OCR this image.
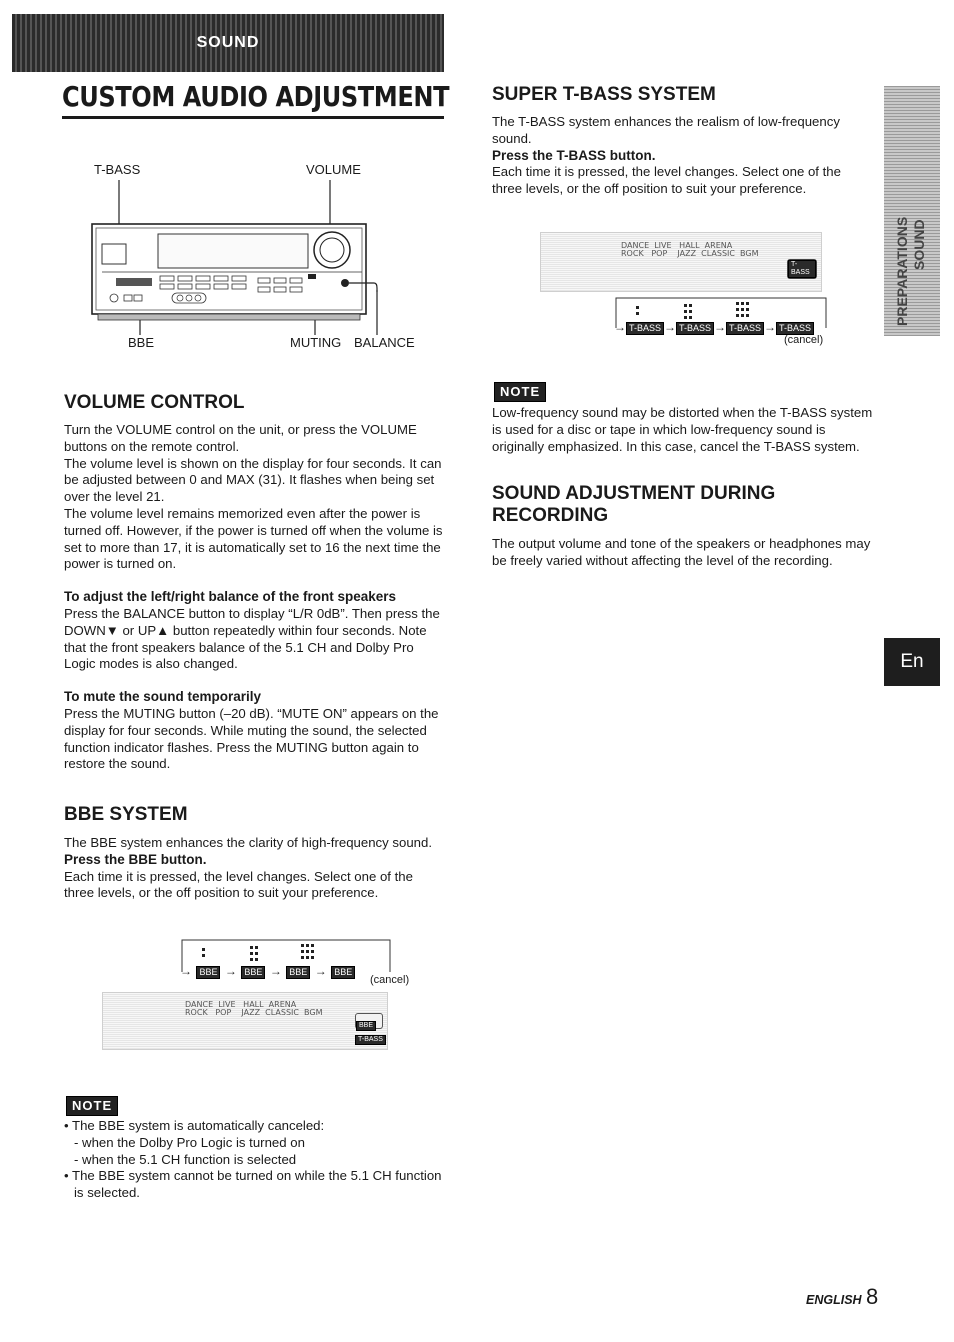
SOUND
CUSTOM AUDIO ADJUSTMENT
T-BASS	VOLUME
BBE	MUTING BALANCE
VOLUME CONTROL

Turn the VOLUME control on the unit, or press the VOLUME buttons on the remote control.

The volume level is shown on the display for four seconds. It can be adjusted between 0 and MAX (31). It flashes when being set over the level 21.

The volume level remains memorized even after the power is turned off. However, if the power is turned off when the volume is set to more than 17, it is automatically set to 16 the next time the power is turned on.

To adjust the left/right balance of the front speakers

Press the BALANCE button to display “L/R 0dB”. Then press the DOWN▼ or UP▲ button repeatedly within four seconds. Note that the front speakers balance of the 5.1 CH and Dolby Pro Logic modes is also changed.

To mute the sound temporarily

Press the MUTING button (–20 dB). “MUTE ON” appears on the display for four seconds. While muting the sound, the selected function indicator flashes. Press the MUTING button again to restore the sound.

BBE SYSTEM

The BBE system enhances the clarity of high-frequency sound.

Press the BBE button.

Each time it is pressed, the level changes. Select one of the three levels, or the off position to suit your preference.

→ BBE → BBE → BBE → BBE
(cancel)
DANCE  LIVE   HALL  ARENA
ROCK   POP    JAZZ  CLASSIC  BGM
BBE
T-BASS
NOTE

• The BBE system is automatically canceled:

- when the Dolby Pro Logic is turned on

- when the 5.1 CH function is selected

• The BBE system cannot be turned on while the 5.1 CH function is selected.

SUPER T-BASS SYSTEM

The T-BASS system enhances the realism of low-frequency sound.

Press the T-BASS button.

Each time it is pressed, the level changes. Select one of the three levels, or the off position to suit your preference.

DANCE  LIVE   HALL  ARENA
ROCK   POP    JAZZ  CLASSIC  BGM
T-BASS
→ T-BASS → T-BASS → T-BASS → T-BASS
(cancel)
NOTE

Low-frequency sound may be distorted when the T-BASS system is used for a disc or tape in which low-frequency sound is originally emphasized. In this case, cancel the T-BASS system.

SOUND ADJUSTMENT DURING
RECORDING

The output volume and tone of the speakers or headphones may be freely varied without affecting the level of the recording.

PREPARATIONS SOUND
En
ENGLISH 8
